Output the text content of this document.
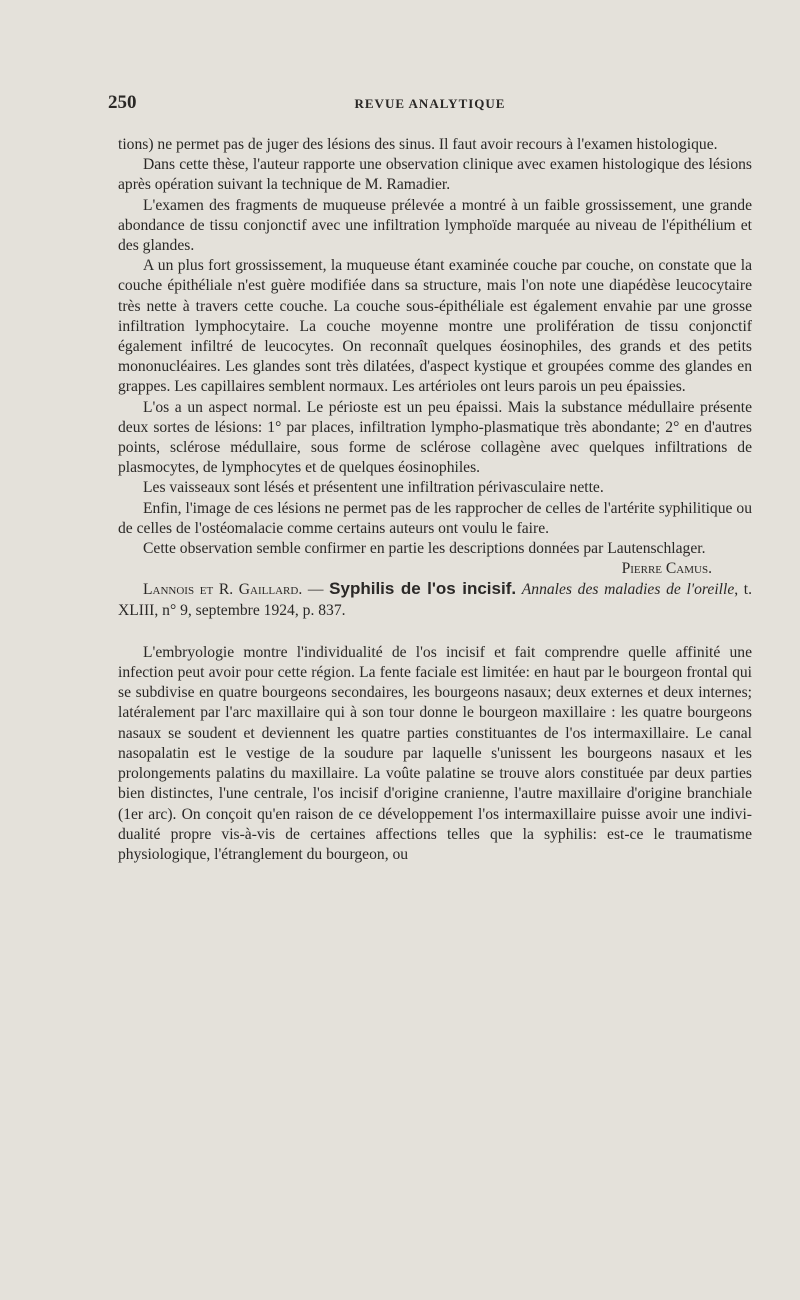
250	REVUE ANALYTIQUE

tions) ne permet pas de juger des lésions des sinus. Il faut avoir recours à l'examen histologique.

Dans cette thèse, l'auteur rapporte une observation clinique avec examen histologique des lésions après opération suivant la technique de M. Ramadier.

L'examen des fragments de muqueuse prélevée a montré à un faible grossissement, une grande abondance de tissu conjonctif avec une infiltration lymphoïde marquée au niveau de l'épithélium et des glandes.

A un plus fort grossissement, la muqueuse étant examinée couche par couche, on constate que la couche épithéliale n'est guère modifiée dans sa structure, mais l'on note une diapédèse leucocytaire très nette à travers cette couche. La couche sous-épithéliale est également envahie par une grosse infiltration lymphocytaire. La couche moyenne montre une prolifération de tissu conjonctif également infiltré de leucocytes. On reconnaît quelques éosinophiles, des grands et des petits mononucléaires. Les glandes sont très dilatées, d'aspect kystique et groupées comme des glandes en grappes. Les capillaires semblent normaux. Les artérioles ont leurs parois un peu épaissies.

L'os a un aspect normal. Le périoste est un peu épaissi. Mais la substance médullaire présente deux sortes de lésions: 1° par places, infiltration lympho-plasmatique très abondante; 2° en d'autres points, sclérose médullaire, sous forme de sclérose collagène avec quelques infiltrations de plasmocytes, de lymphocytes et de quelques éosinophiles.

Les vaisseaux sont lésés et présentent une infiltration périvasculaire nette.

Enfin, l'image de ces lésions ne permet pas de les rapprocher de celles de l'artérite syphilitique ou de celles de l'ostéomalacie comme certains auteurs ont voulu le faire.

Cette observation semble confirmer en partie les descriptions données par Lautenschlager.

Pierre Camus.

Lannois et R. Gaillard. — Syphilis de l'os incisif. Annales des maladies de l'oreille, t. XLIII, n° 9, septembre 1924, p. 837.

L'embryologie montre l'individualité de l'os incisif et fait comprendre quelle affinité une infection peut avoir pour cette région. La fente faciale est limitée: en haut par le bourgeon frontal qui se subdivise en quatre bourgeons secondaires, les bourgeons nasaux; deux externes et deux internes; latéralement par l'arc maxillaire qui à son tour donne le bourgeon maxillaire : les quatre bourgeons nasaux se soudent et deviennent les quatre parties constituantes de l'os intermaxillaire. Le canal nasopalatin est le vestige de la soudure par laquelle s'unissent les bourgeons nasaux et les prolongements palatins du maxillaire. La voûte palatine se trouve alors constituée par deux parties bien distinctes, l'une centrale, l'os incisif d'origine cranienne, l'autre maxillaire d'origine branchiale (1er arc). On conçoit qu'en raison de ce développement l'os intermaxillaire puisse avoir une individualité propre vis-à-vis de certaines affections telles que la syphilis: est-ce le traumatisme physiologique, l'étranglement du bourgeon, ou
